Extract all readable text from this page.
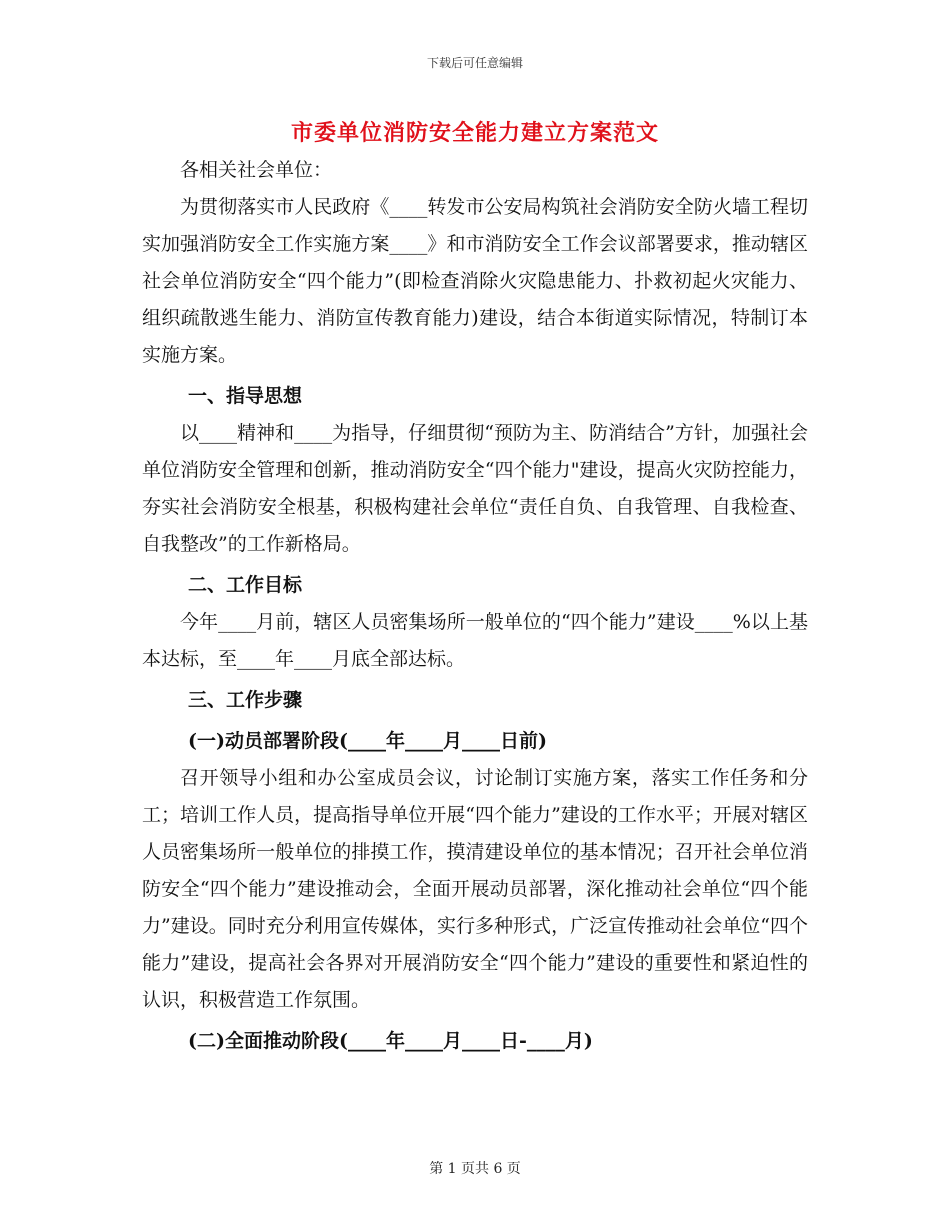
下载后可任意编辑
市委单位消防安全能力建立方案范文

各相关社会单位：

为贯彻落实市人民政府《____转发市公安局构筑社会消防安全防火墙工程切实加强消防安全工作实施方案____》和市消防安全工作会议部署要求，推动辖区社会单位消防安全“四个能力”(即检查消除火灾隐患能力、扑救初起火灾能力、组织疏散逃生能力、消防宣传教育能力)建设，结合本街道实际情况，特制订本实施方案。

一、指导思想

以____精神和____为指导，仔细贯彻“预防为主、防消结合”方针，加强社会单位消防安全管理和创新，推动消防安全“四个能力"建设，提高火灾防控能力，夯实社会消防安全根基，积极构建社会单位“责任自负、自我管理、自我检查、自我整改”的工作新格局。

二、工作目标

今年____月前，辖区人员密集场所一般单位的“四个能力”建设____%以上基本达标，至____年____月底全部达标。

三、工作步骤

(一)动员部署阶段(____年____月____日前)

召开领导小组和办公室成员会议，讨论制订实施方案，落实工作任务和分工；培训工作人员，提高指导单位开展“四个能力”建设的工作水平；开展对辖区人员密集场所一般单位的排摸工作，摸清建设单位的基本情况；召开社会单位消防安全“四个能力”建设推动会，全面开展动员部署，深化推动社会单位“四个能力”建设。同时充分利用宣传媒体，实行多种形式，广泛宣传推动社会单位“四个能力”建设，提高社会各界对开展消防安全“四个能力”建设的重要性和紧迫性的认识，积极营造工作氛围。

(二)全面推动阶段(____年____月____日-____月)

第 1 页共 6 页
